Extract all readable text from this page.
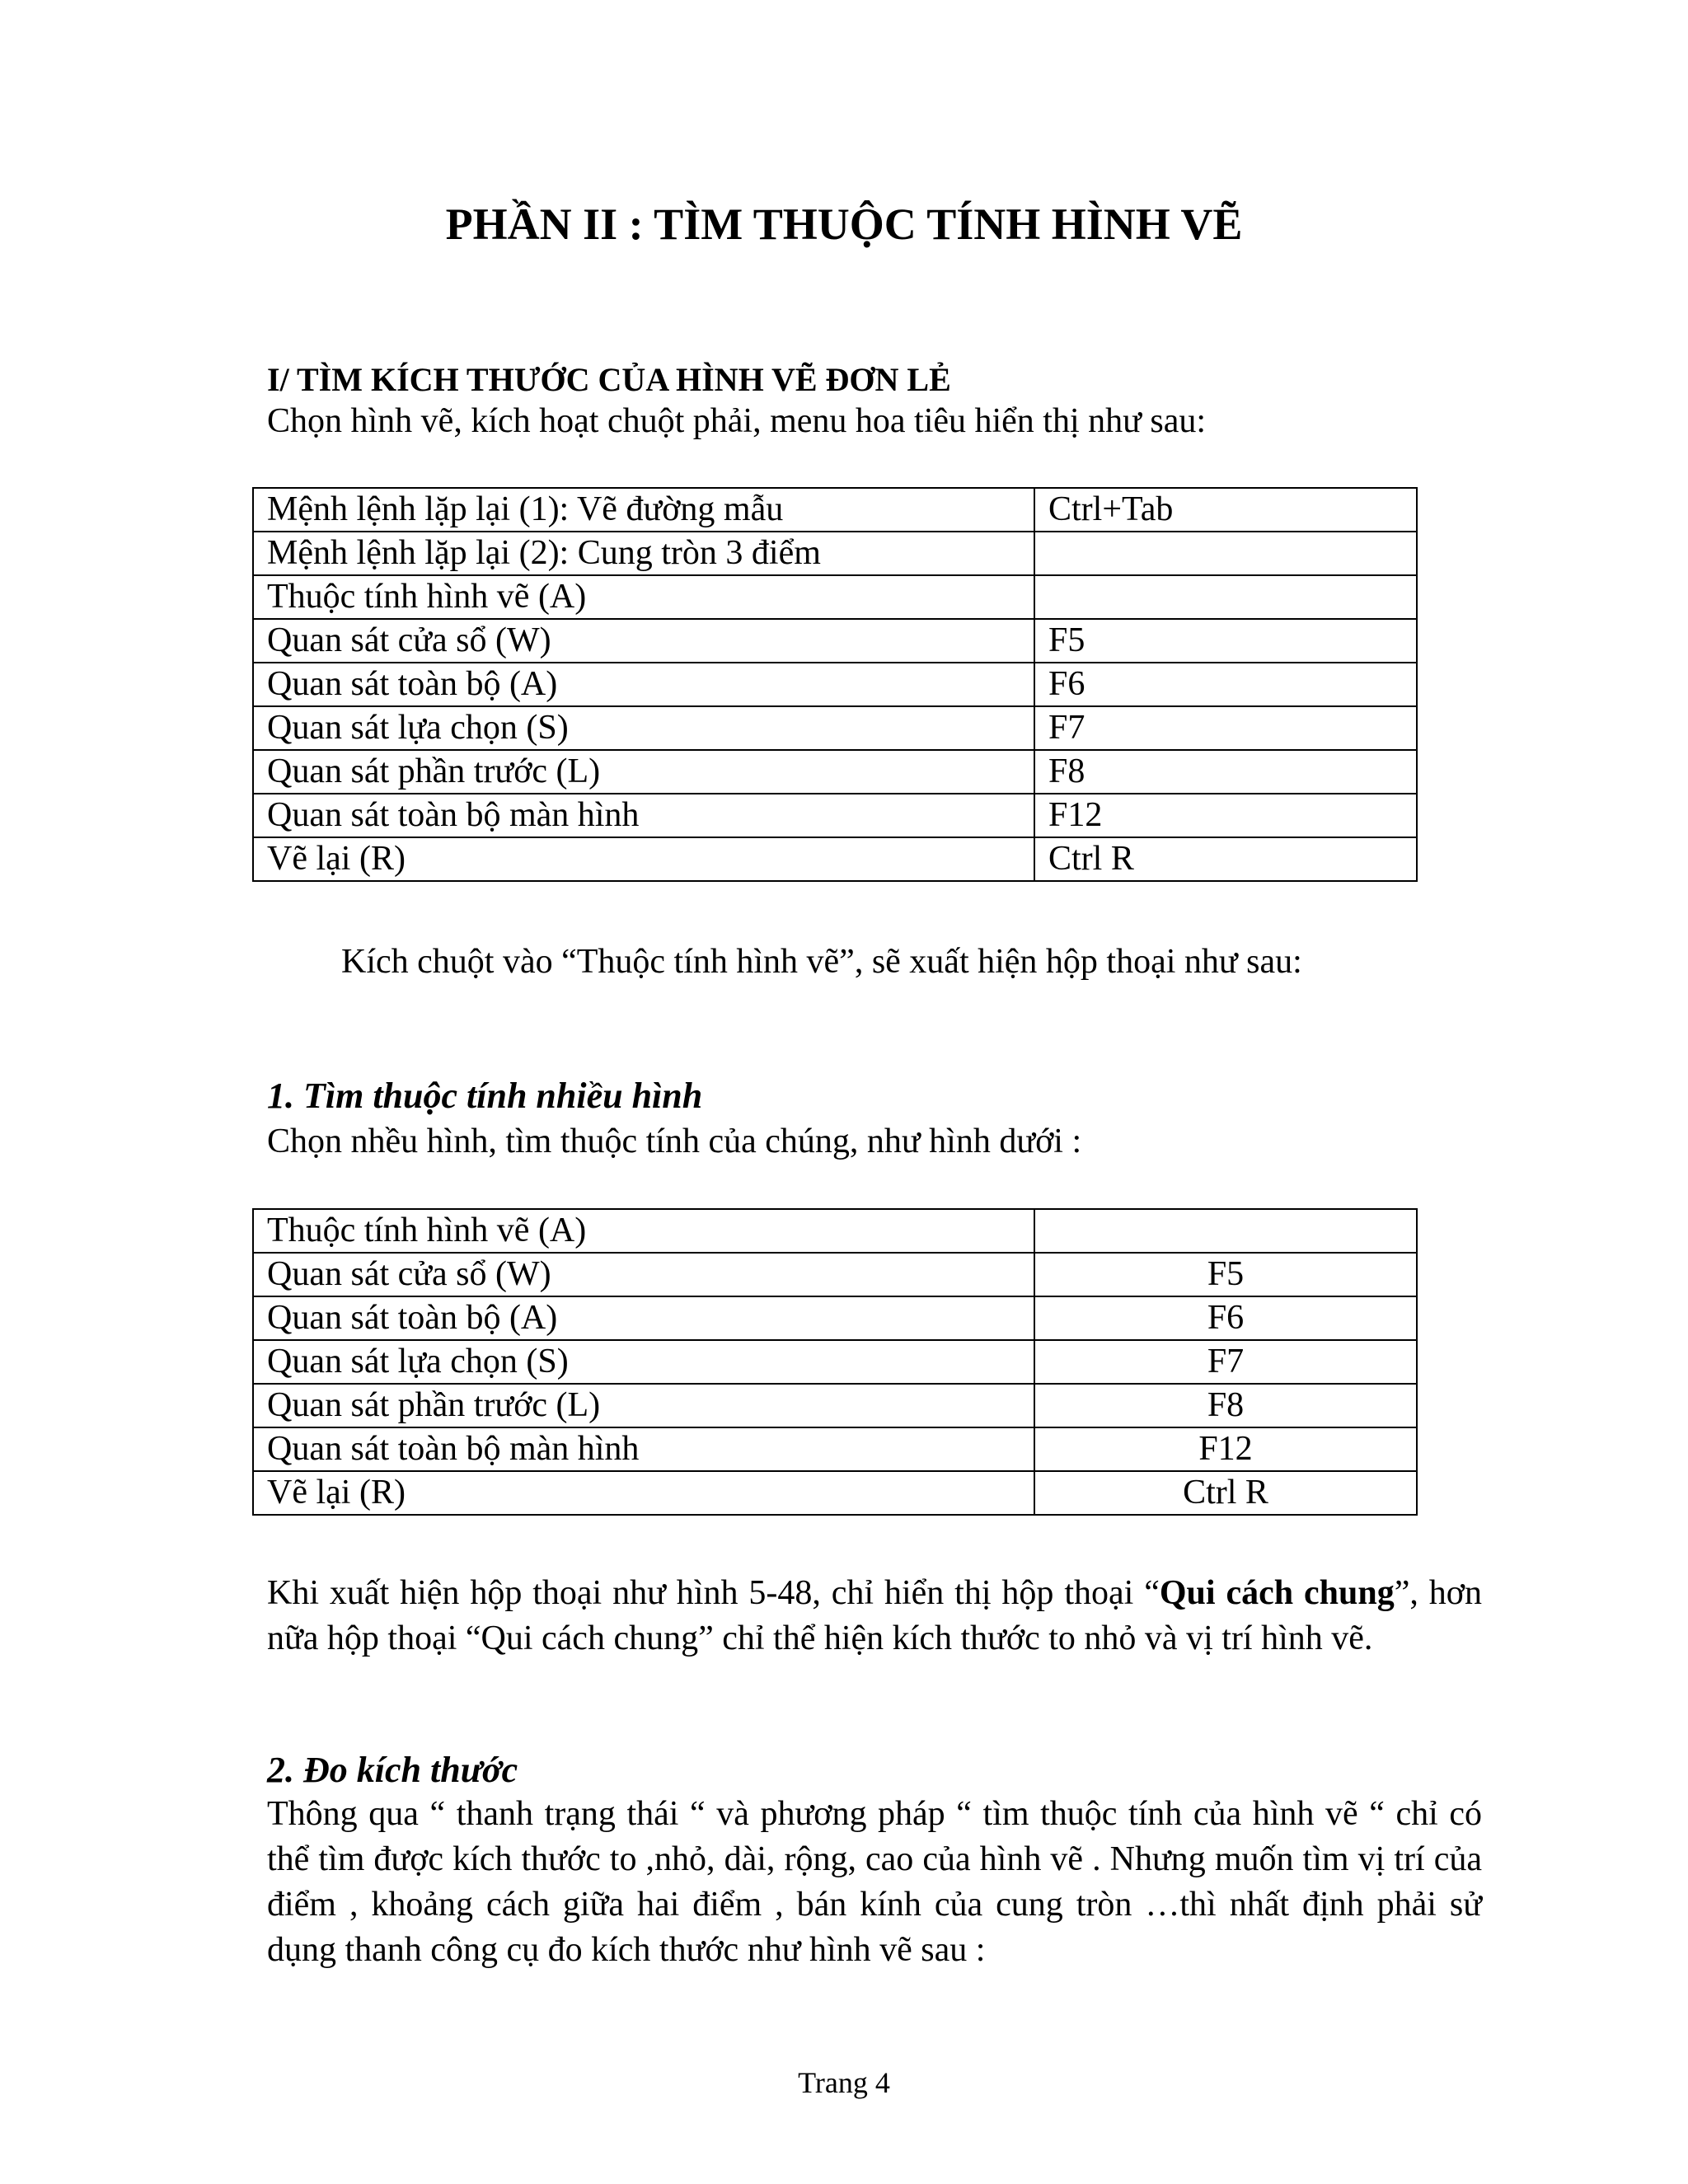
PHẦN II : TÌM THUỘC TÍNH HÌNH VẼ

I/ TÌM KÍCH THƯỚC CỦA HÌNH VẼ ĐƠN LẺ

Chọn hình vẽ, kích hoạt chuột phải, menu hoa tiêu hiển thị như sau:

Mệnh lệnh lặp lại (1): Vẽ đường mẫu	Ctrl+Tab
Mệnh lệnh lặp lại (2): Cung tròn 3 điểm	
Thuộc tính hình vẽ (A)	
Quan sát cửa sổ (W)	F5
Quan sát toàn bộ (A)	F6
Quan sát lựa chọn (S)	F7
Quan sát phần trước (L)	F8
Quan sát toàn bộ màn hình	F12
Vẽ lại (R)	Ctrl R

Kích chuột vào “Thuộc tính hình vẽ”, sẽ xuất hiện hộp thoại như sau:

1. Tìm thuộc tính nhiều hình

Chọn nhều hình, tìm thuộc tính của chúng, như hình dưới :

Thuộc tính hình vẽ (A)	
Quan sát cửa sổ (W)	F5
Quan sát toàn bộ (A)	F6
Quan sát lựa chọn (S)	F7
Quan sát phần trước (L)	F8
Quan sát toàn bộ màn hình	F12
Vẽ lại (R)	Ctrl R

Khi xuất hiện hộp thoại như hình 5-48, chỉ hiển thị hộp thoại “Qui cách chung”, hơn nữa hộp thoại “Qui cách chung” chỉ thể hiện kích thước to nhỏ và vị trí hình vẽ.

2. Đo kích thước

Thông qua “ thanh trạng thái “ và phương pháp “ tìm thuộc tính của hình vẽ “ chỉ có thể tìm được kích thước to ,nhỏ, dài, rộng, cao của hình vẽ . Nhưng muốn tìm vị trí của điểm , khoảng cách giữa hai điểm , bán kính của cung tròn …thì nhất định phải sử dụng thanh công cụ đo kích thước như hình vẽ sau :

Trang 4
